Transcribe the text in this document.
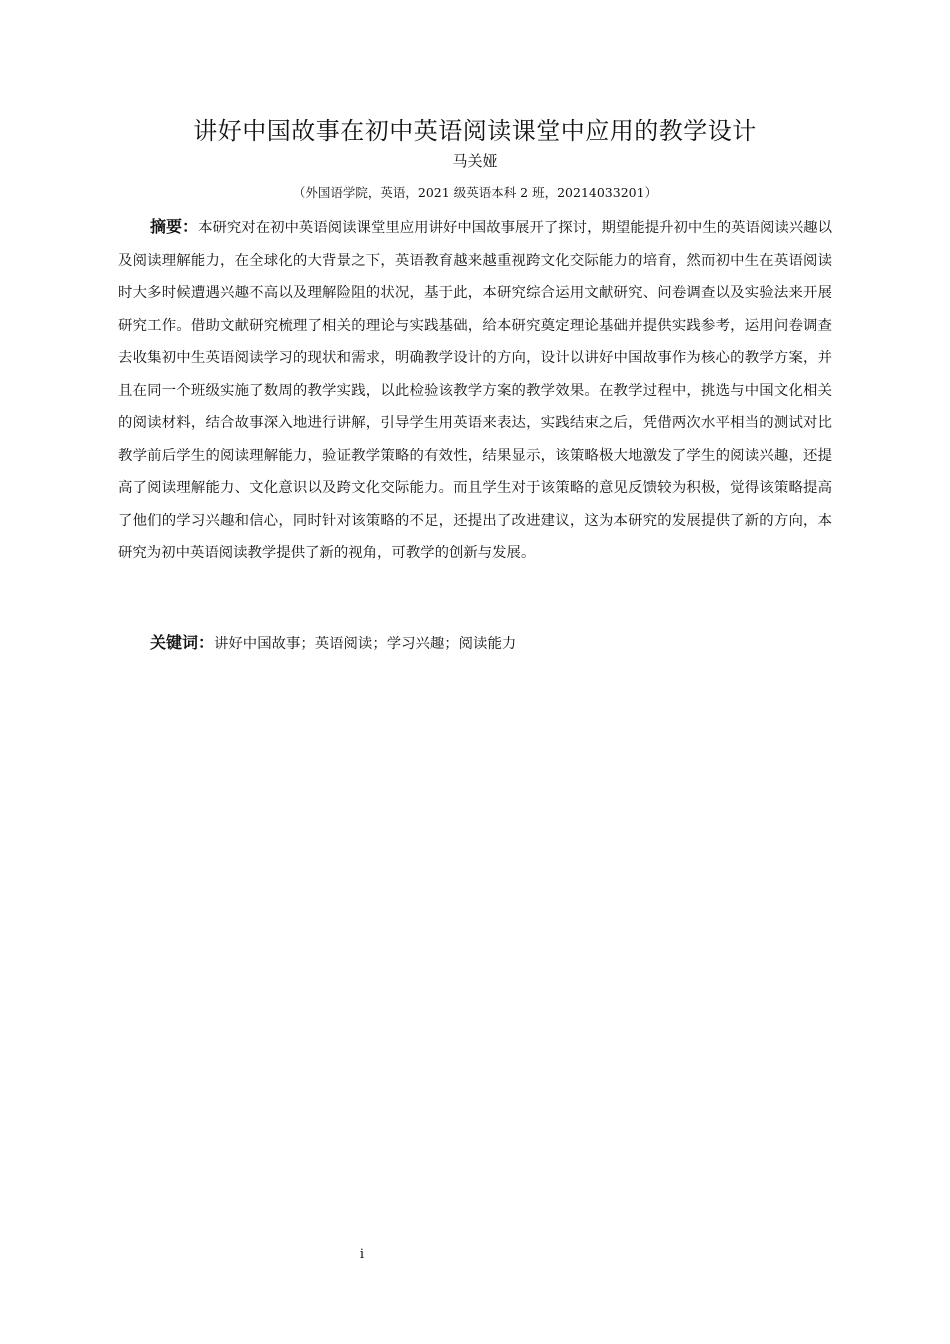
讲好中国故事在初中英语阅读课堂中应用的教学设计
马关娅
（外国语学院，英语，2021 级英语本科 2 班，20214033201）

摘要：本研究对在初中英语阅读课堂里应用讲好中国故事展开了探讨，期望能提升初中生的英语阅读兴趣以及阅读理解能力，在全球化的大背景之下，英语教育越来越重视跨文化交际能力的培育，然而初中生在英语阅读时大多时候遭遇兴趣不高以及理解险阻的状况，基于此，本研究综合运用文献研究、问卷调查以及实验法来开展研究工作。借助文献研究梳理了相关的理论与实践基础，给本研究奠定理论基础并提供实践参考，运用问卷调查去收集初中生英语阅读学习的现状和需求，明确教学设计的方向，设计以讲好中国故事作为核心的教学方案，并且在同一个班级实施了数周的教学实践，以此检验该教学方案的教学效果。在教学过程中，挑选与中国文化相关的阅读材料，结合故事深入地进行讲解，引导学生用英语来表达，实践结束之后，凭借两次水平相当的测试对比教学前后学生的阅读理解能力，验证教学策略的有效性，结果显示，该策略极大地激发了学生的阅读兴趣，还提高了阅读理解能力、文化意识以及跨文化交际能力。而且学生对于该策略的意见反馈较为积极，觉得该策略提高了他们的学习兴趣和信心，同时针对该策略的不足，还提出了改进建议，这为本研究的发展提供了新的方向，本研究为初中英语阅读教学提供了新的视角，可教学的创新与发展。

关键词：讲好中国故事；英语阅读；学习兴趣；阅读能力
i
